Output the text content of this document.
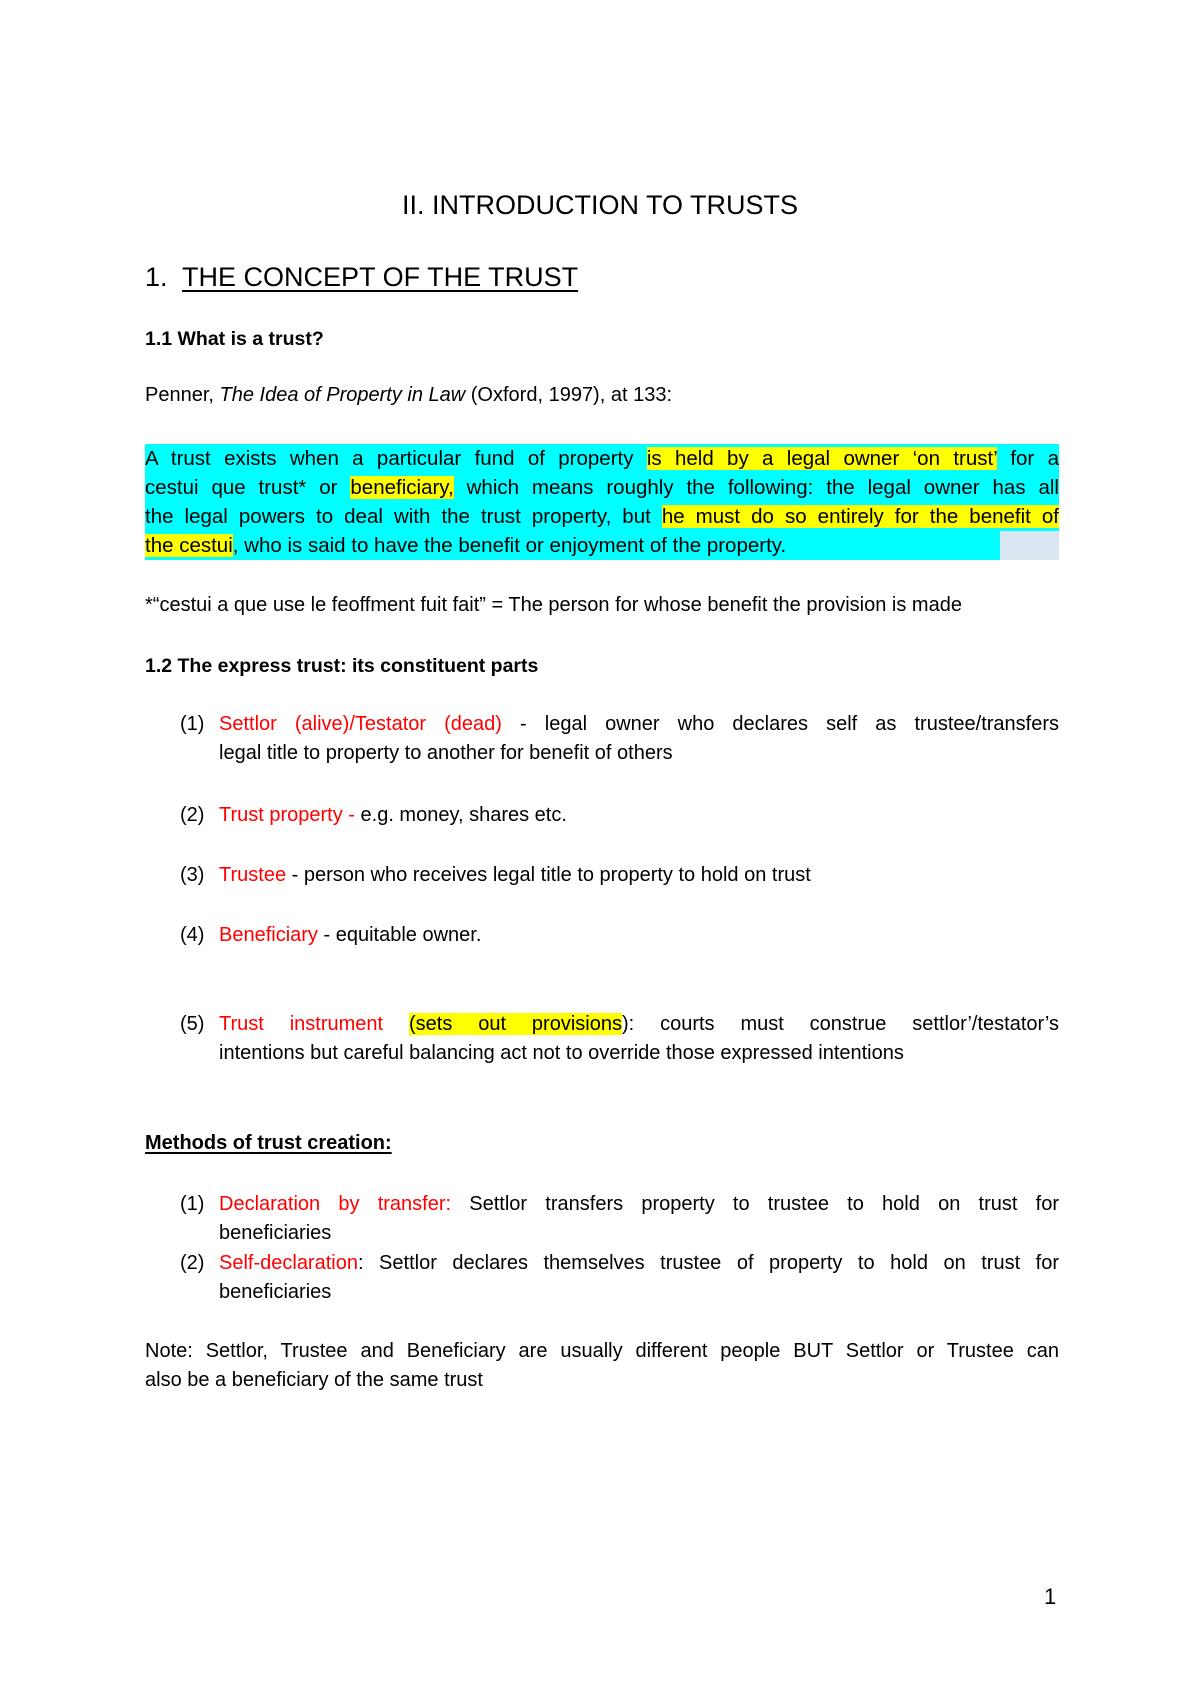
II. INTRODUCTION TO TRUSTS
1. THE CONCEPT OF THE TRUST
1.1 What is a trust?
Penner, The Idea of Property in Law (Oxford, 1997), at 133:
A trust exists when a particular fund of property is held by a legal owner ‘on trust’ for a
cestui que trust* or beneficiary, which means roughly the following: the legal owner has all
the legal powers to deal with the trust property, but he must do so entirely for the benefit of
the cestui, who is said to have the benefit or enjoyment of the property.
*“cestui a que use le feoffment fuit fait” = The person for whose benefit the provision is made
1.2 The express trust: its constituent parts
(1) Settlor (alive)/Testator (dead) - legal owner who declares self as trustee/transfers
legal title to property to another for benefit of others
(2) Trust property - e.g. money, shares etc.
(3) Trustee - person who receives legal title to property to hold on trust
(4) Beneficiary - equitable owner.
(5) Trust instrument (sets out provisions): courts must construe settlor’/testator’s
intentions but careful balancing act not to override those expressed intentions
Methods of trust creation:
(1) Declaration by transfer: Settlor transfers property to trustee to hold on trust for
beneficiaries
(2) Self-declaration: Settlor declares themselves trustee of property to hold on trust for
beneficiaries
Note: Settlor, Trustee and Beneficiary are usually different people BUT Settlor or Trustee can
also be a beneficiary of the same trust
1
